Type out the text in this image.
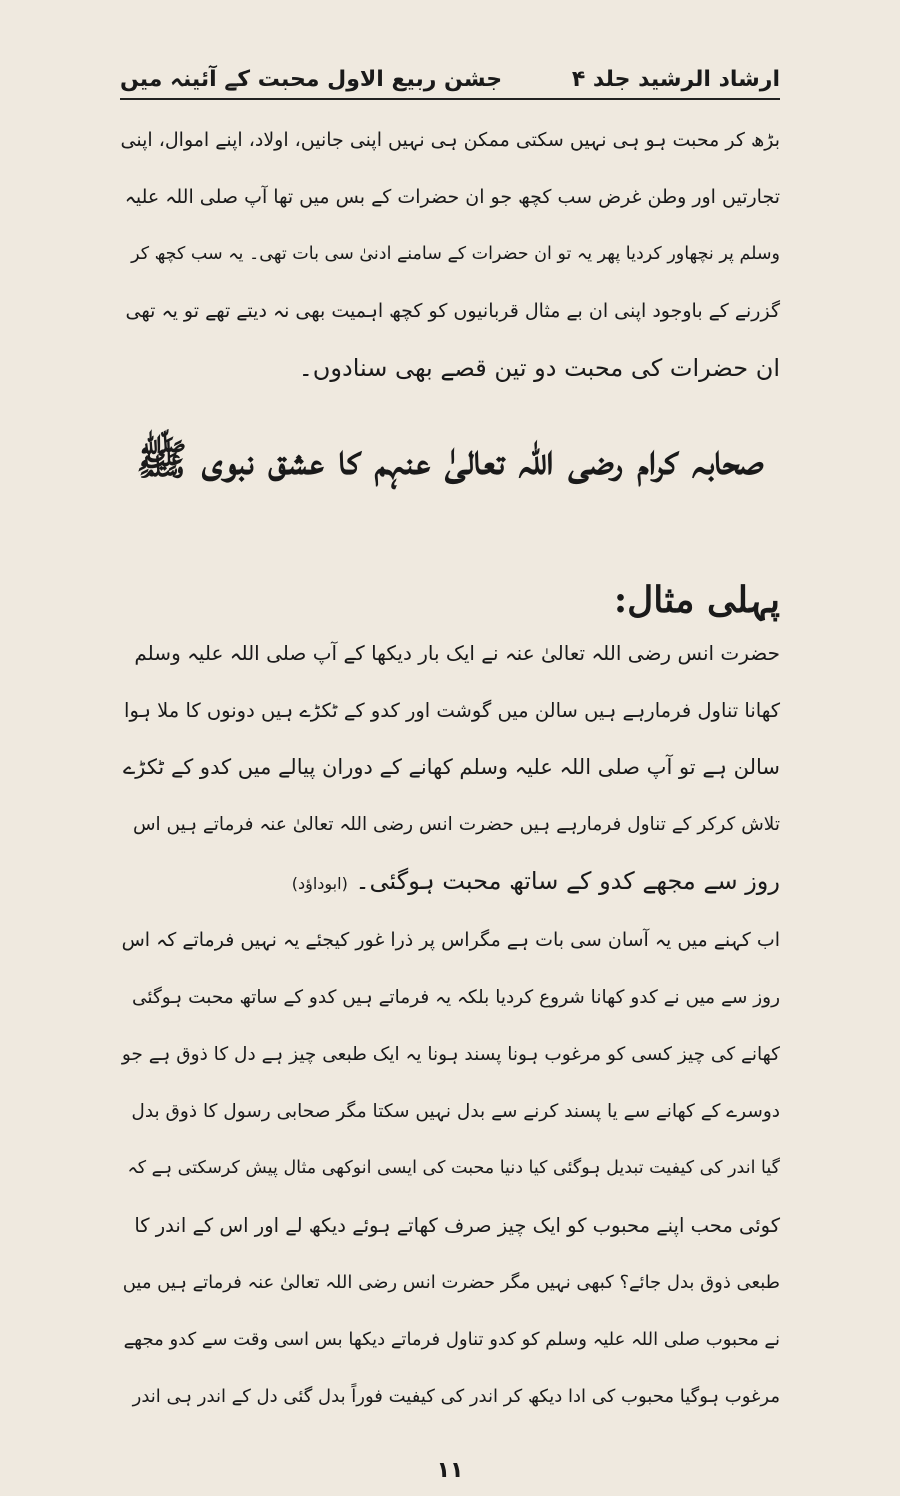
ارشاد الرشید جلد ۴
جشن ربیع الاول محبت کے آئینہ میں

بڑھ کر محبت ہو ہی نہیں سکتی ممکن ہی نہیں اپنی جانیں، اولاد، اپنے اموال، اپنی
تجارتیں اور وطن غرض سب کچھ جو ان حضرات کے بس میں تھا آپ صلی اللہ علیہ
وسلم پر نچھاور کردیا پھر یہ تو ان حضرات کے سامنے ادنیٰ سی بات تھی۔ یہ سب کچھ کر
گزرنے کے باوجود اپنی ان بے مثال قربانیوں کو کچھ اہمیت بھی نہ دیتے تھے تو یہ تھی
ان حضرات کی محبت دو تین قصے بھی سنادوں۔

صحابہ کرام رضی اللہ تعالیٰ عنہم کا عشق نبوی ﷺ
پہلی مثال:

حضرت انس رضی اللہ تعالیٰ عنہ نے ایک بار دیکھا کے آپ صلی اللہ علیہ وسلم
کھانا تناول فرمارہے ہیں سالن میں گوشت اور کدو کے ٹکڑے ہیں دونوں کا ملا ہوا
سالن ہے تو آپ صلی اللہ علیہ وسلم کھانے کے دوران پیالے میں کدو کے ٹکڑے
تلاش کرکر کے تناول فرمارہے ہیں حضرت انس رضی اللہ تعالیٰ عنہ فرماتے ہیں اس
روز سے مجھے کدو کے ساتھ محبت ہوگئی۔ (ابوداؤد)

اب کہنے میں یہ آسان سی بات ہے مگراس پر ذرا غور کیجئے یہ نہیں فرماتے کہ اس
روز سے میں نے کدو کھانا شروع کردیا بلکہ یہ فرماتے ہیں کدو کے ساتھ محبت ہوگئی
کھانے کی چیز کسی کو مرغوب ہونا پسند ہونا یہ ایک طبعی چیز ہے دل کا ذوق ہے جو
دوسرے کے کھانے سے یا پسند کرنے سے بدل نہیں سکتا مگر صحابی رسول کا ذوق بدل
گیا اندر کی کیفیت تبدیل ہوگئی کیا دنیا محبت کی ایسی انوکھی مثال پیش کرسکتی ہے کہ
کوئی محب اپنے محبوب کو ایک چیز صرف کھاتے ہوئے دیکھ لے اور اس کے اندر کا
طبعی ذوق بدل جائے؟ کبھی نہیں مگر حضرت انس رضی اللہ تعالیٰ عنہ فرماتے ہیں میں
نے محبوب صلی اللہ علیہ وسلم کو کدو تناول فرماتے دیکھا بس اسی وقت سے کدو مجھے
مرغوب ہوگیا محبوب کی ادا دیکھ کر اندر کی کیفیت فوراً بدل گئی دل کے اندر ہی اندر

۱۱
